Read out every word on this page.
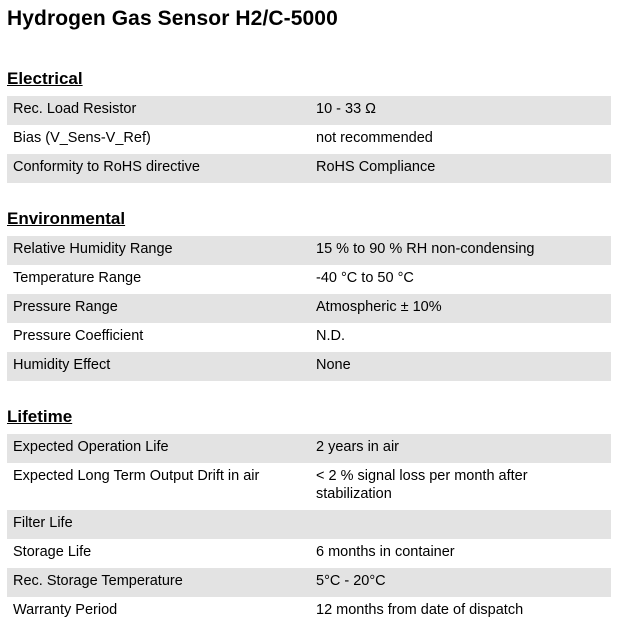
Hydrogen Gas Sensor H2/C-5000
Electrical
Rec. Load Resistor	10 - 33 Ω
Bias (V_Sens-V_Ref)	not recommended
Conformity to RoHS directive	RoHS Compliance
Environmental
Relative Humidity Range	15 % to 90 % RH non-condensing
Temperature Range	-40 °C to 50 °C
Pressure Range	Atmospheric ± 10%
Pressure Coefficient	N.D.
Humidity Effect	None
Lifetime
Expected Operation Life	2 years in air
Expected Long Term Output Drift in air	< 2 % signal loss per month after stabilization
Filter Life
Storage Life	6 months in container
Rec. Storage Temperature	5°C - 20°C
Warranty Period	12 months from date of dispatch
